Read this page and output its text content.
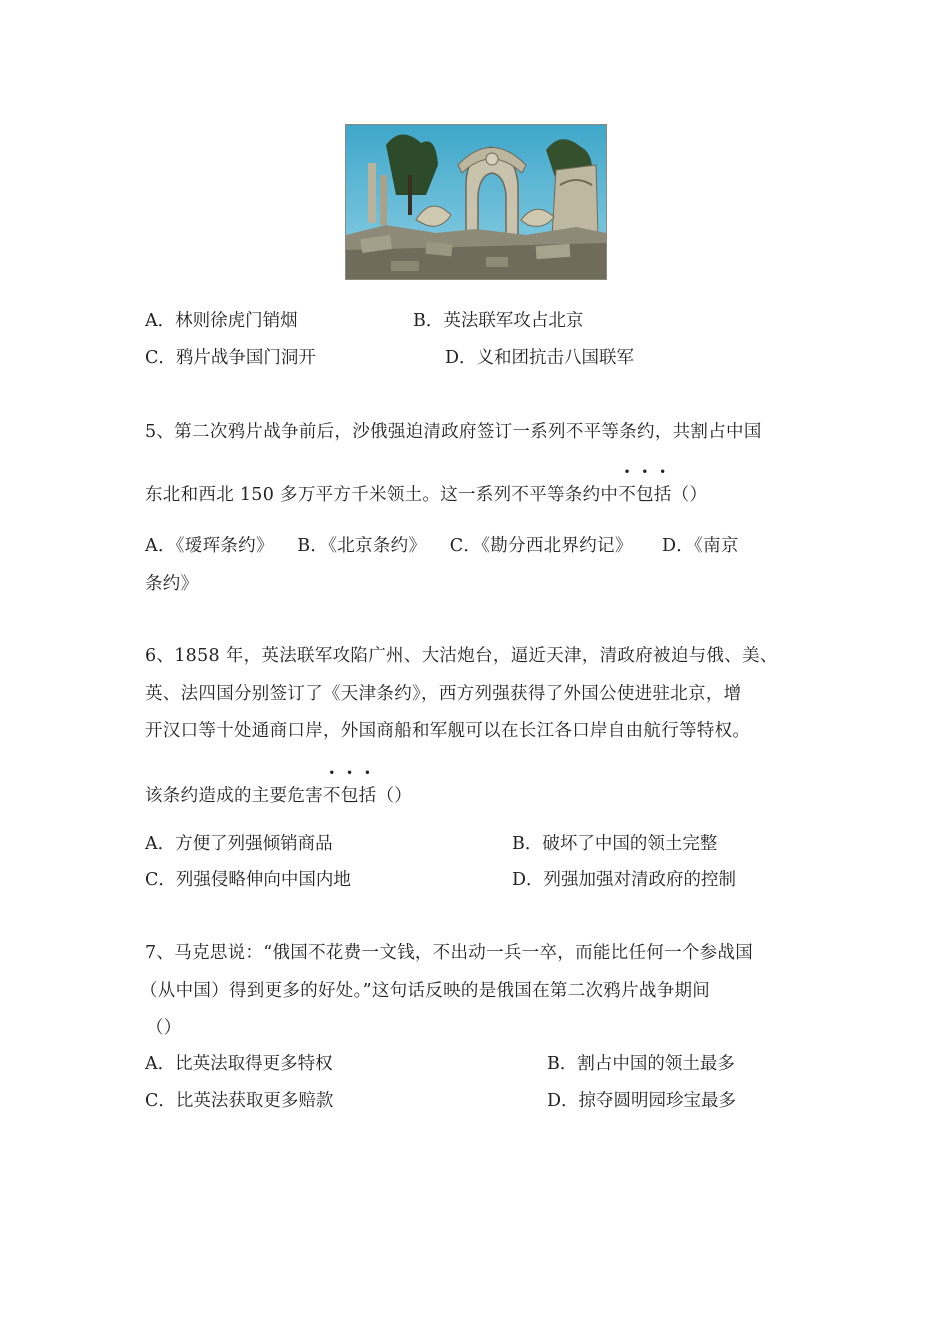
A．林则徐虎门销烟	B．英法联军攻占北京
C．鸦片战争国门洞开	D．义和团抗击八国联军
5、第二次鸦片战争前后，沙俄强迫清政府签订一系列不平等条约，共割占中国
东北和西北 150 多万平方千米领土。这一系列不平等条约中不包括（）
A．《瑷珲条约》    B．《北京条约》    C．《勘分西北界约记》     D．《南京
条约》
6、1858 年，英法联军攻陷广州、大沽炮台，逼近天津，清政府被迫与俄、美、
英、法四国分别签订了《天津条约》，西方列强获得了外国公使进驻北京，增
开汉口等十处通商口岸，外国商船和军舰可以在长江各口岸自由航行等特权。
该条约造成的主要危害不包括（）
A．方便了列强倾销商品	B．破坏了中国的领土完整
C．列强侵略伸向中国内地	D．列强加强对清政府的控制
7、马克思说：“俄国不花费一文钱，不出动一兵一卒，而能比任何一个参战国
（从中国）得到更多的好处。”这句话反映的是俄国在第二次鸦片战争期间
（）
A．比英法取得更多特权	B．割占中国的领土最多
C．比英法获取更多赔款	D．掠夺圆明园珍宝最多
